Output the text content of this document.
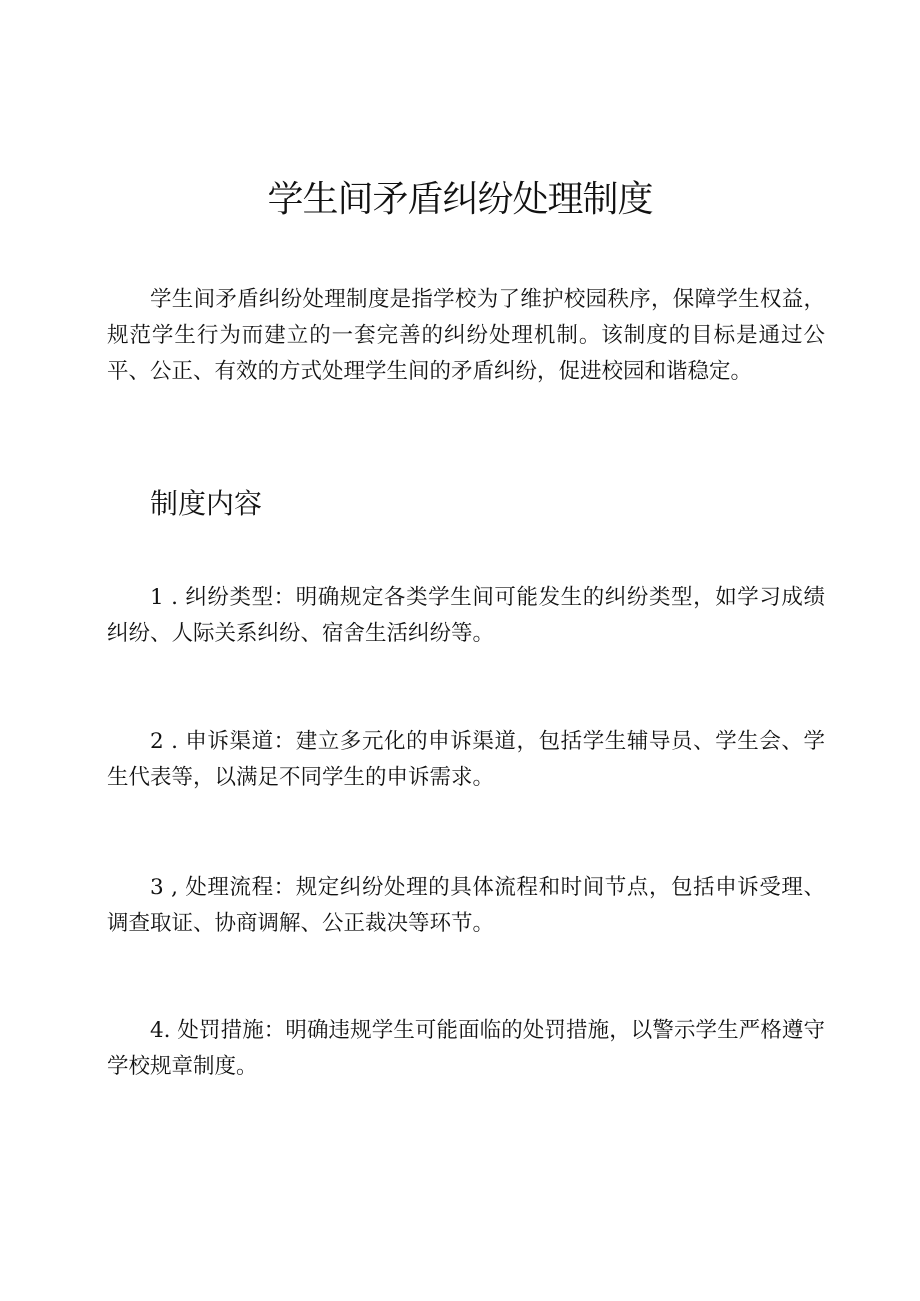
学生间矛盾纠纷处理制度

学生间矛盾纠纷处理制度是指学校为了维护校园秩序，保障学生权益，规范学生行为而建立的一套完善的纠纷处理机制。该制度的目标是通过公平、公正、有效的方式处理学生间的矛盾纠纷，促进校园和谐稳定。

制度内容

1 . 纠纷类型：明确规定各类学生间可能发生的纠纷类型，如学习成绩纠纷、人际关系纠纷、宿舍生活纠纷等。

2 . 申诉渠道：建立多元化的申诉渠道，包括学生辅导员、学生会、学生代表等，以满足不同学生的申诉需求。

3 , 处理流程：规定纠纷处理的具体流程和时间节点，包括申诉受理、调查取证、协商调解、公正裁决等环节。

4. 处罚措施：明确违规学生可能面临的处罚措施，以警示学生严格遵守学校规章制度。
